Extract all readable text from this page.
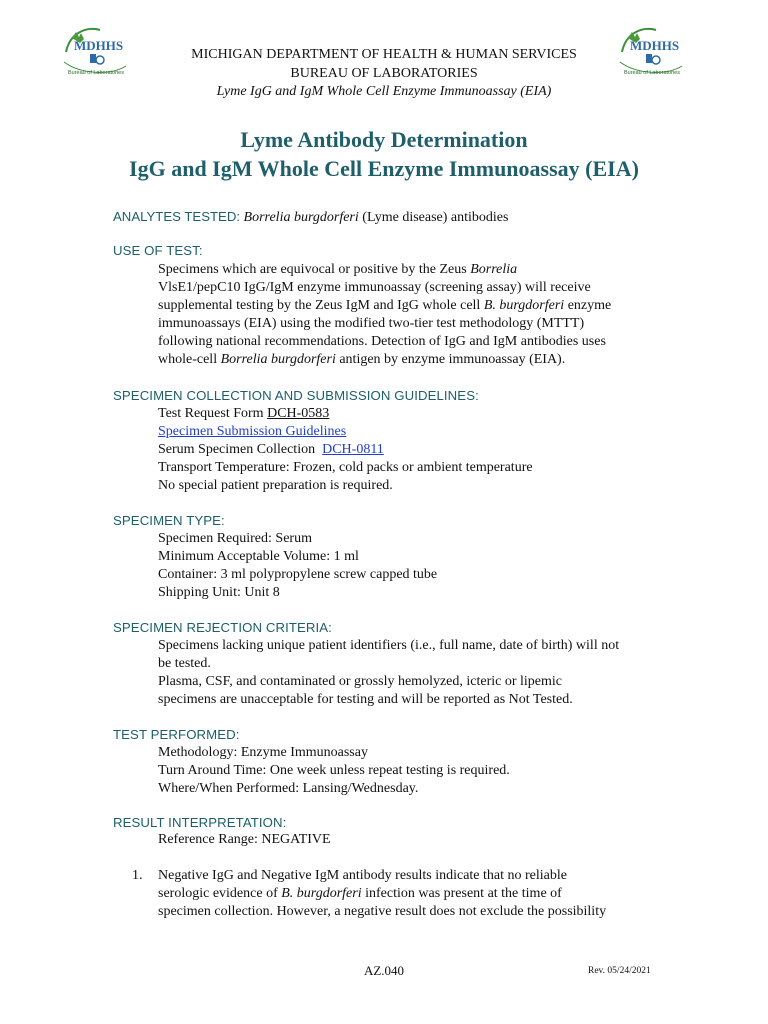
MDHHS
Bureau of Laboratories
MDHHS
Bureau of Laboratories
MICHIGAN DEPARTMENT OF HEALTH & HUMAN SERVICES
BUREAU OF LABORATORIES
Lyme IgG and IgM Whole Cell Enzyme Immunoassay (EIA)
Lyme Antibody Determination
IgG and IgM Whole Cell Enzyme Immunoassay (EIA)
ANALYTES TESTED: Borrelia burgdorferi (Lyme disease) antibodies
USE OF TEST:
Specimens which are equivocal or positive by the Zeus Borrelia
VlsE1/pepC10 IgG/IgM enzyme immunoassay (screening assay) will receive
supplemental testing by the Zeus IgM and IgG whole cell B. burgdorferi enzyme
immunoassays (EIA) using the modified two-tier test methodology (MTTT)
following national recommendations. Detection of IgG and IgM antibodies uses
whole-cell Borrelia burgdorferi antigen by enzyme immunoassay (EIA).
SPECIMEN COLLECTION AND SUBMISSION GUIDELINES:
Test Request Form DCH-0583
Specimen Submission Guidelines
Serum Specimen Collection DCH-0811
Transport Temperature: Frozen, cold packs or ambient temperature
No special patient preparation is required.
SPECIMEN TYPE:
Specimen Required: Serum
Minimum Acceptable Volume: 1 ml
Container: 3 ml polypropylene screw capped tube
Shipping Unit: Unit 8
SPECIMEN REJECTION CRITERIA:
Specimens lacking unique patient identifiers (i.e., full name, date of birth) will not
be tested.
Plasma, CSF, and contaminated or grossly hemolyzed, icteric or lipemic
specimens are unacceptable for testing and will be reported as Not Tested.
TEST PERFORMED:
Methodology: Enzyme Immunoassay
Turn Around Time: One week unless repeat testing is required.
Where/When Performed: Lansing/Wednesday.
RESULT INTERPRETATION:
Reference Range: NEGATIVE
1. Negative IgG and Negative IgM antibody results indicate that no reliable
serologic evidence of B. burgdorferi infection was present at the time of
specimen collection. However, a negative result does not exclude the possibility
AZ.040	Rev. 05/24/2021
